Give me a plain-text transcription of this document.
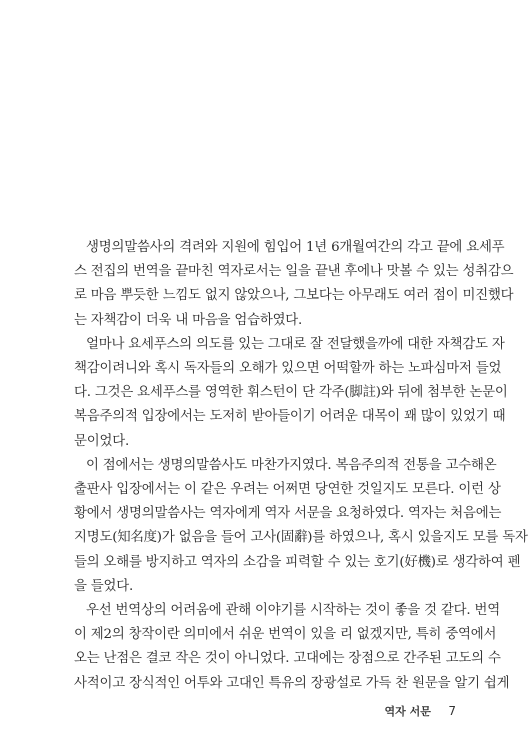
생명의말씀사의 격려와 지원에 힘입어 1년 6개월여간의 각고 끝에 요세푸
스 전집의 번역을 끝마친 역자로서는 일을 끝낸 후에나 맛볼 수 있는 성취감으
로 마음 뿌듯한 느낌도 없지 않았으나, 그보다는 아무래도 여러 점이 미진했다
는 자책감이 더욱 내 마음을 엄습하였다.

얼마나 요세푸스의 의도를 있는 그대로 잘 전달했을까에 대한 자책감도 자
책감이려니와 혹시 독자들의 오해가 있으면 어떡할까 하는 노파심마저 들었
다. 그것은 요세푸스를 영역한 휘스턴이 단 각주(脚註)와 뒤에 첨부한 논문이
복음주의적 입장에서는 도저히 받아들이기 어려운 대목이 꽤 많이 있었기 때
문이었다.

이 점에서는 생명의말씀사도 마찬가지였다. 복음주의적 전통을 고수해온
출판사 입장에서는 이 같은 우려는 어쩌면 당연한 것일지도 모른다. 이런 상
황에서 생명의말씀사는 역자에게 역자 서문을 요청하였다. 역자는 처음에는
지명도(知名度)가 없음을 들어 고사(固辭)를 하였으나, 혹시 있을지도 모를 독자
들의 오해를 방지하고 역자의 소감을 피력할 수 있는 호기(好機)로 생각하여 펜
을 들었다.

우선 번역상의 어려움에 관해 이야기를 시작하는 것이 좋을 것 같다. 번역
이 제2의 창작이란 의미에서 쉬운 번역이 있을 리 없겠지만, 특히 중역에서
오는 난점은 결코 작은 것이 아니었다. 고대에는 장점으로 간주된 고도의 수
사적이고 장식적인 어투와 고대인 특유의 장광설로 가득 찬 원문을 알기 쉽게

역자 서문 7
